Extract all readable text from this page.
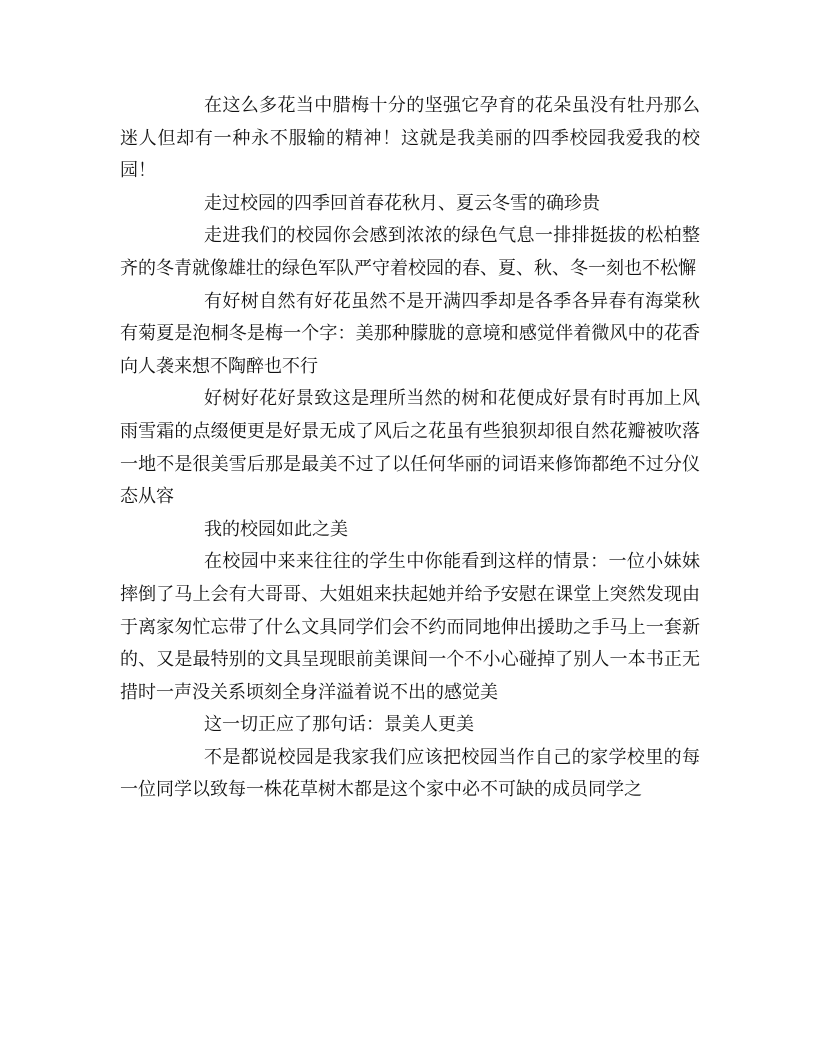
在这么多花当中腊梅十分的坚强它孕育的花朵虽没有牡丹那么迷人但却有一种永不服输的精神！这就是我美丽的四季校园我爱我的校园！

走过校园的四季回首春花秋月、夏云冬雪的确珍贵

走进我们的校园你会感到浓浓的绿色气息一排排挺拔的松柏整齐的冬青就像雄壮的绿色军队严守着校园的春、夏、秋、冬一刻也不松懈

有好树自然有好花虽然不是开满四季却是各季各异春有海棠秋有菊夏是泡桐冬是梅一个字：美那种朦胧的意境和感觉伴着微风中的花香向人袭来想不陶醉也不行

好树好花好景致这是理所当然的树和花便成好景有时再加上风雨雪霜的点缀便更是好景无成了风后之花虽有些狼狈却很自然花瓣被吹落一地不是很美雪后那是最美不过了以任何华丽的词语来修饰都绝不过分仪态从容

我的校园如此之美

在校园中来来往往的学生中你能看到这样的情景：一位小妹妹摔倒了马上会有大哥哥、大姐姐来扶起她并给予安慰在课堂上突然发现由于离家匆忙忘带了什么文具同学们会不约而同地伸出援助之手马上一套新的、又是最特别的文具呈现眼前美课间一个不小心碰掉了别人一本书正无措时一声没关系顷刻全身洋溢着说不出的感觉美

这一切正应了那句话：景美人更美

不是都说校园是我家我们应该把校园当作自己的家学校里的每一位同学以致每一株花草树木都是这个家中必不可缺的成员同学之
